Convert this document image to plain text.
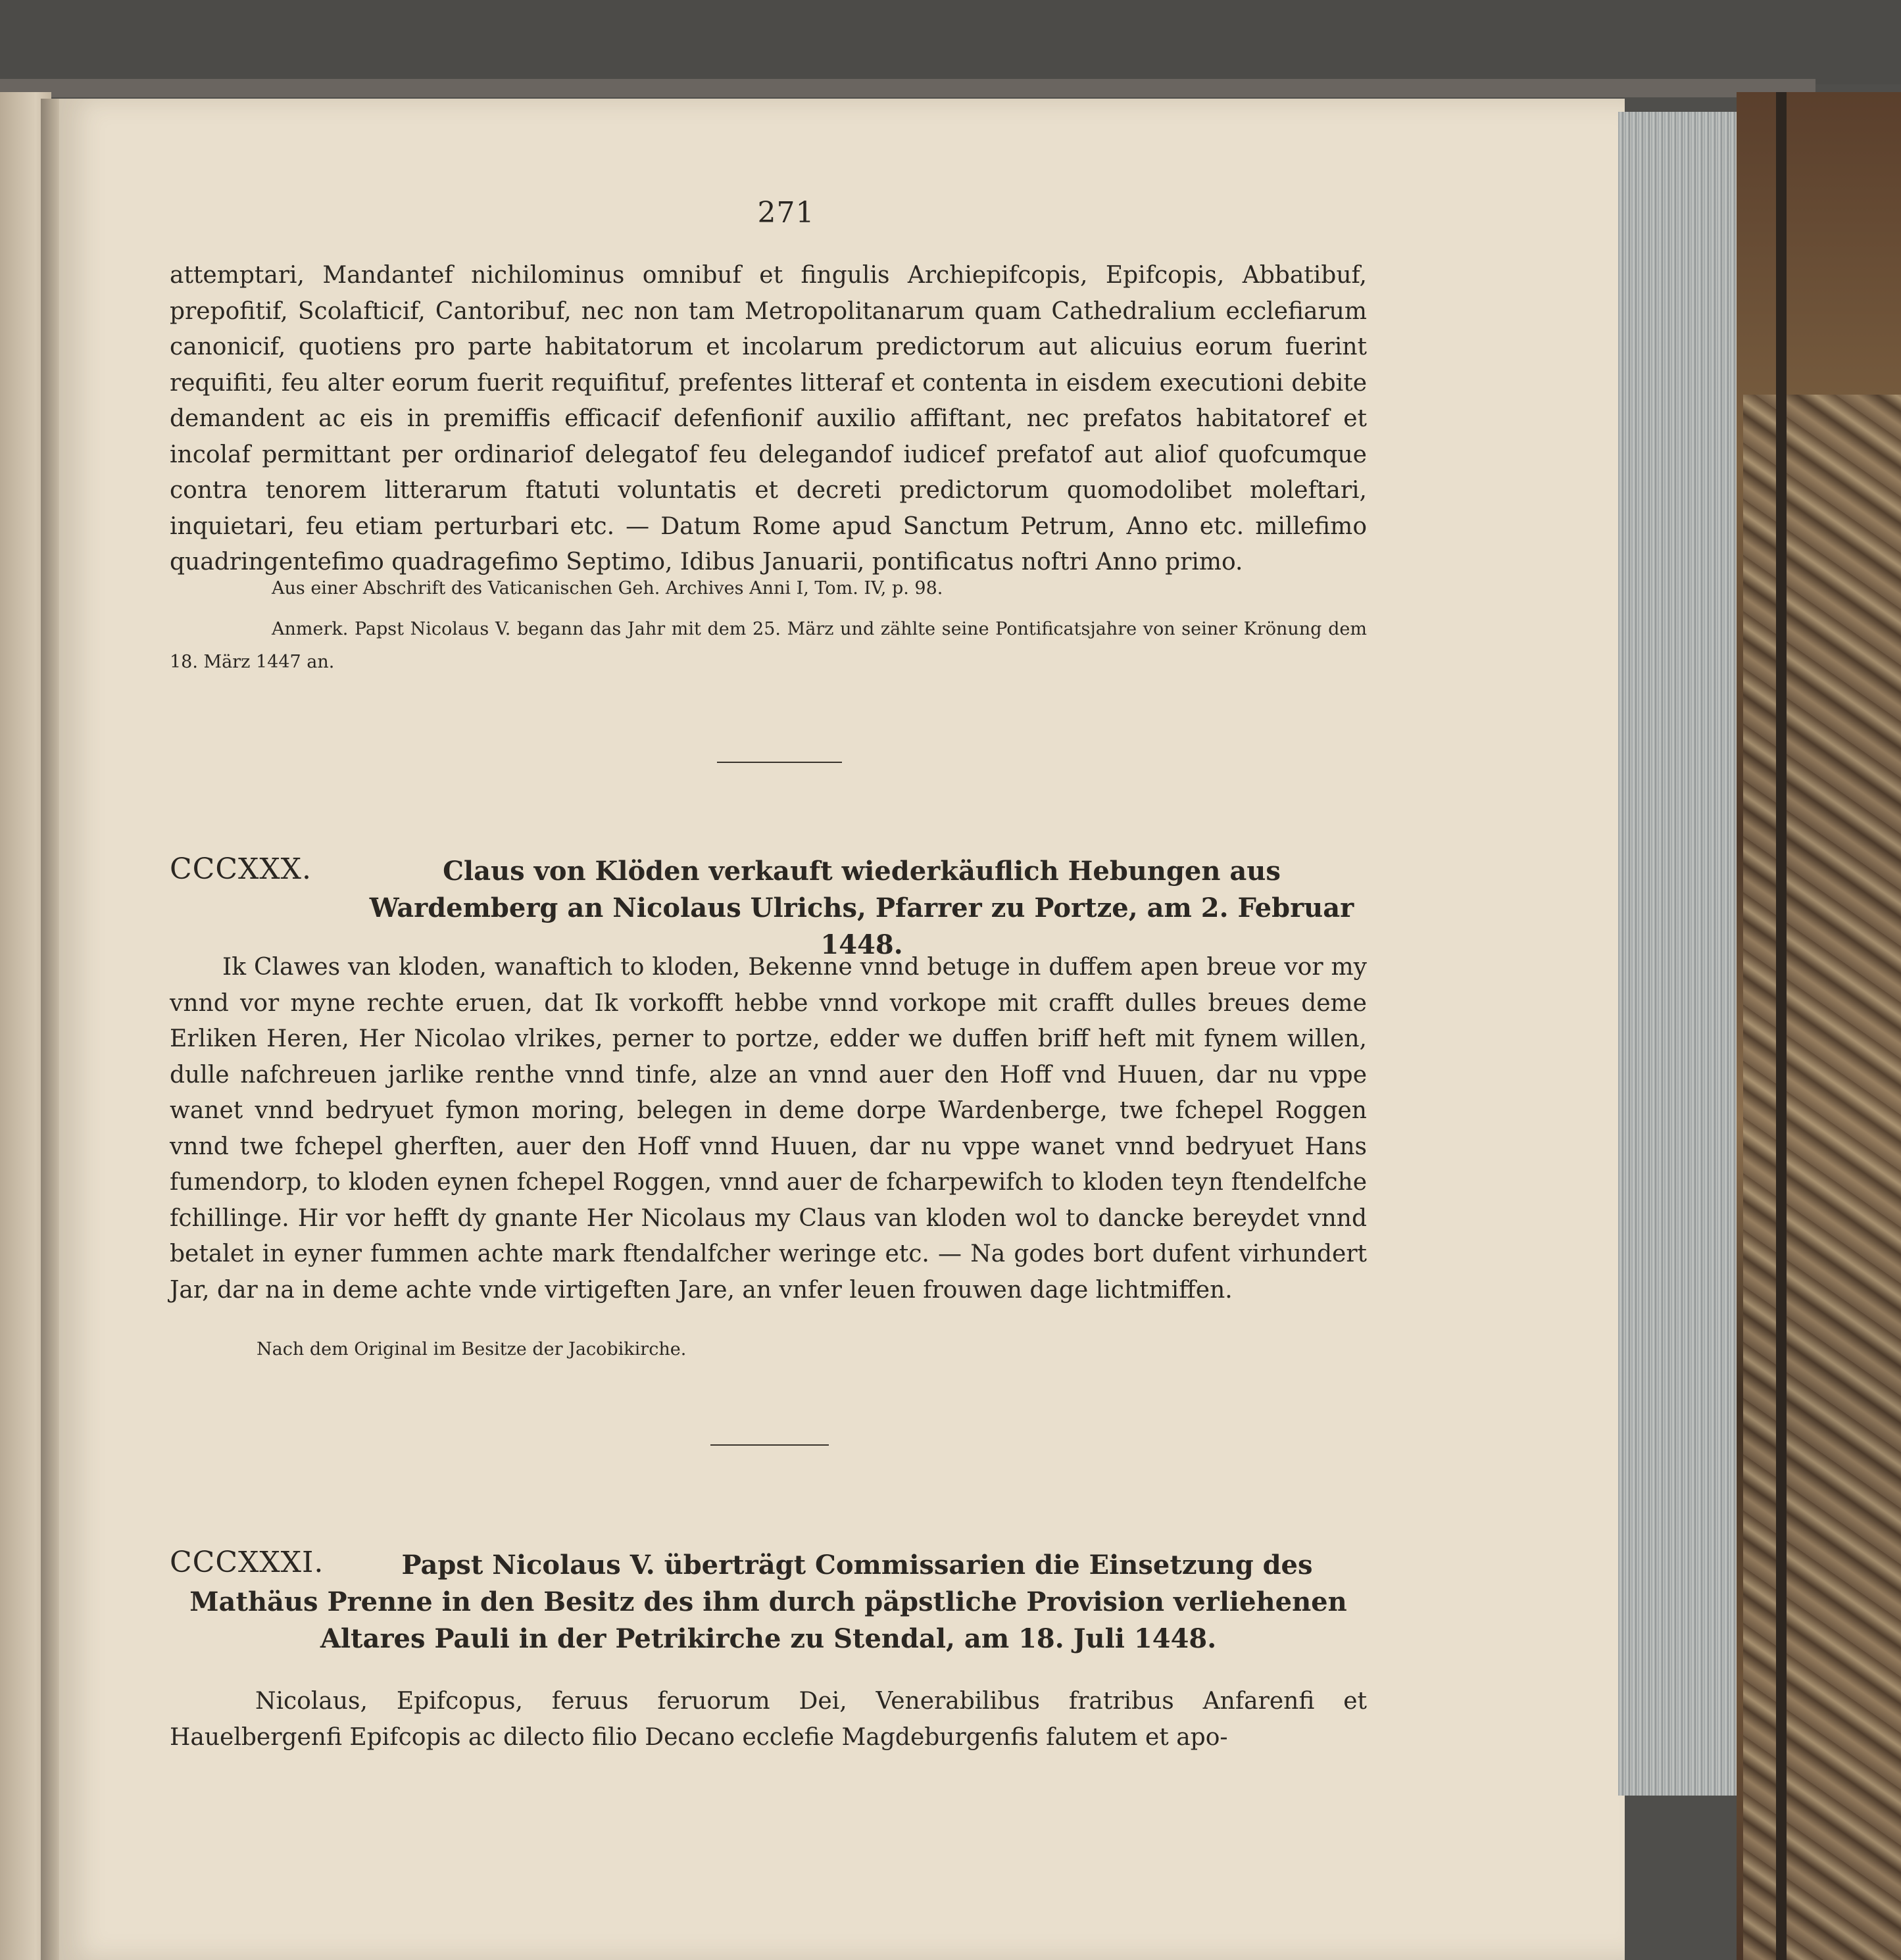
271

attemptari, Mandantef nichilominus omnibuf et fingulis Archiepifcopis, Epifcopis, Abbatibuf, prepofitif, Scolafticif, Cantoribuf, nec non tam Metropolitanarum quam Cathedralium ecclefiarum canonicif, quotiens pro parte habitatorum et incolarum predictorum aut alicuius eorum fuerint requifiti, feu alter eorum fuerit requifituf, prefentes litteraf et contenta in eisdem executioni debite demandent ac eis in premiffis efficacif defenfionif auxilio affiftant, nec prefatos habitatoref et incolaf permittant per ordinariof delegatof feu delegandof iudicef prefatof aut aliof quofcumque contra tenorem litterarum ftatuti voluntatis et decreti predictorum quomodolibet moleftari, inquietari, feu etiam perturbari etc. — Datum Rome apud Sanctum Petrum, Anno etc. millefimo quadringentefimo quadragefimo Septimo, Idibus Januarii, pontificatus noftri Anno primo.

Aus einer Abschrift des Vaticanischen Geh. Archives Anni I, Tom. IV, p. 98.

Anmerk. Papst Nicolaus V. begann das Jahr mit dem 25. März und zählte seine Pontificatsjahre von seiner Krönung dem 18. März 1447 an.

CCCXXX.	Claus von Klöden verkauft wiederkäuflich Hebungen aus Wardemberg an Nicolaus Ulrichs, Pfarrer zu Portze, am 2. Februar 1448.

Ik Clawes van kloden, wanaftich to kloden, Bekenne vnnd betuge in duffem apen breue vor my vnnd vor myne rechte eruen, dat Ik vorkofft hebbe vnnd vorkope mit crafft dulles breues deme Erliken Heren, Her Nicolao vlrikes, perner to portze, edder we duffen briff heft mit fynem willen, dulle nafchreuen jarlike renthe vnnd tinfe, alze an vnnd auer den Hoff vnd Huuen, dar nu vppe wanet vnnd bedryuet fymon moring, belegen in deme dorpe Wardenberge, twe fchepel Roggen vnnd twe fchepel gherften, auer den Hoff vnnd Huuen, dar nu vppe wanet vnnd bedryuet Hans fumendorp, to kloden eynen fchepel Roggen, vnnd auer de fcharpewifch to kloden teyn ftendelfche fchillinge. Hir vor hefft dy gnante Her Nicolaus my Claus van kloden wol to dancke bereydet vnnd betalet in eyner fummen achte mark ftendalfcher weringe etc. — Na godes bort dufent virhundert Jar, dar na in deme achte vnde virtigeften Jare, an vnfer leuen frouwen dage lichtmiffen.

Nach dem Original im Besitze der Jacobikirche.
CCCXXXI.	Papst Nicolaus V. überträgt Commissarien die Einsetzung des Mathäus Prenne in den Besitz des ihm durch päpstliche Provision verliehenen Altares Pauli in der Petrikirche zu Stendal, am 18. Juli 1448.

Nicolaus, Epifcopus, feruus feruorum Dei, Venerabilibus fratribus Anfarenfi et Hauelbergenfi Epifcopis ac dilecto filio Decano ecclefie Magdeburgenfis falutem et apo-
